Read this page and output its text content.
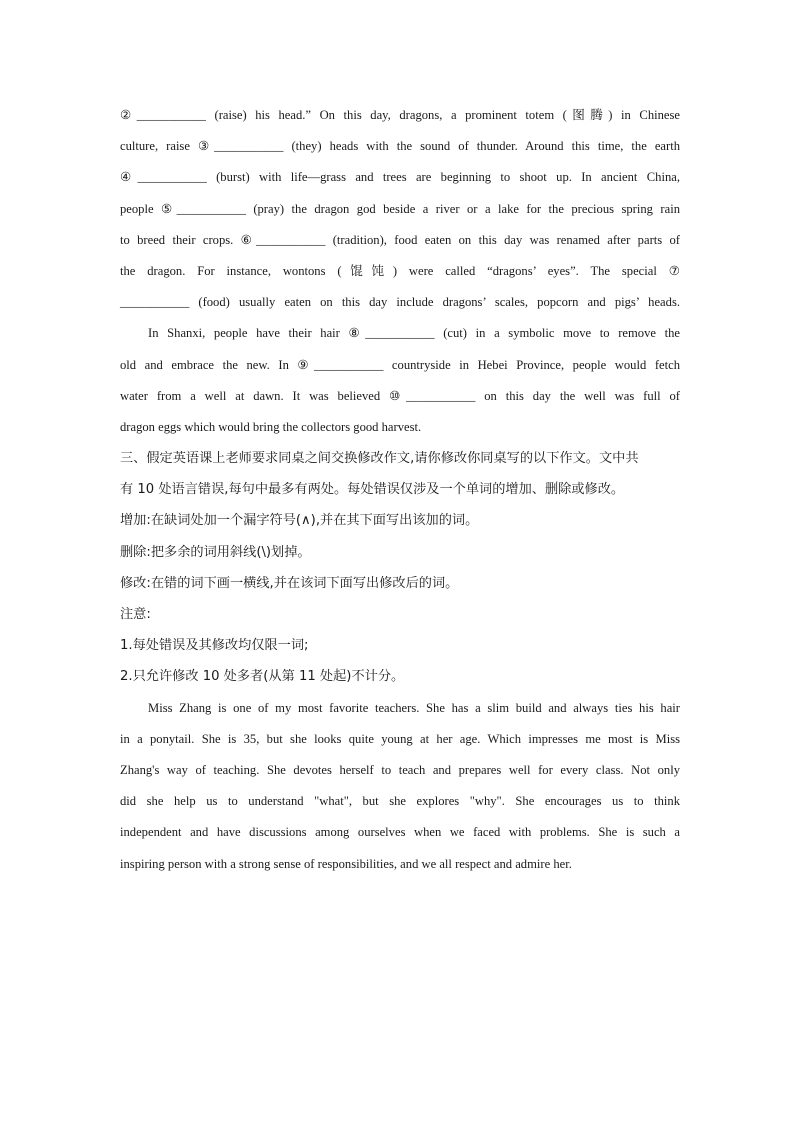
②___________ (raise) his head.” On this day, dragons, a prominent totem (图腾) in Chinese
culture, raise ③___________ (they) heads with the sound of thunder. Around this time, the earth
④___________ (burst) with life—grass and trees are beginning to shoot up. In ancient China,
people ⑤___________ (pray) the dragon god beside a river or a lake for the precious spring rain
to breed their crops. ⑥___________ (tradition), food eaten on this day was renamed after parts of
the dragon. For instance, wontons (馄饨) were called “dragons’ eyes”. The special ⑦
___________ (food) usually eaten on this day include dragons’ scales, popcorn and pigs’ heads.
In Shanxi, people have their hair ⑧___________ (cut) in a symbolic move to remove the
old and embrace the new. In ⑨___________ countryside in Hebei Province, people would fetch
water from a well at dawn. It was believed ⑩___________ on this day the well was full of
dragon eggs which would bring the collectors good harvest.
三、假定英语课上老师要求同桌之间交换修改作文,请你修改你同桌写的以下作文。文中共
有 10 处语言错误,每句中最多有两处。每处错误仅涉及一个单词的增加、删除或修改。
增加:在缺词处加一个漏字符号(∧),并在其下面写出该加的词。
删除:把多余的词用斜线(\)划掉。
修改:在错的词下画一横线,并在该词下面写出修改后的词。
注意:
1.每处错误及其修改均仅限一词;
2.只允许修改 10 处多者(从第 11 处起)不计分。
Miss Zhang is one of my most favorite teachers. She has a slim build and always ties his hair
in a ponytail. She is 35, but she looks quite young at her age. Which impresses me most is Miss
Zhang's way of teaching. She devotes herself to teach and prepares well for every class. Not only
did she help us to understand "what", but she explores "why". She encourages us to think
independent and have discussions among ourselves when we faced with problems. She is such a
inspiring person with a strong sense of responsibilities, and we all respect and admire her.
